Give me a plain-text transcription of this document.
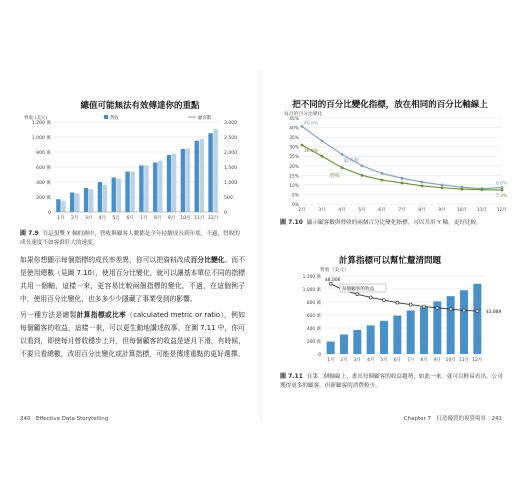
總值可能無法有效傳達你的重點
0
200 萬
400 萬
600 萬
800 萬
1,000 萬
1,200 萬
0
500
1,000
1,500
2,000
2,500
3,000
營收 (美元)	營收	顧客數
1月 2月 3月 4月 5月 6月 7月 8月 9月 10月 11月 12月
圖 7.9 在這張雙 Y 軸的圖中，營收與顧客人數都是全年持續成長到年底，不過，營收的成長速度不如客群壯大的速度。

如果你想顯示每個指標的成長率差異，你可以把資料改成百分比變化。而不是使用總數（見圖 7.10），使用百分比變化，就可以讓基本單位不同的指標共用一個軸，這樣一來，更容易比較兩個指標的變化。不過，在這個例子中，使用百分比變化，也多多少少隱藏了事業受到的影響。

另一種方法是繪製計算指標或比率（calculated metric or ratio），例如每個顧客的收益，這樣一來，可以更生動地講述故事。在圖 7.11 中，你可以看到，即使每月營收穩步上升，但每個顧客的收益是逐月下滑，有時候，不要只看總數，改用百分比變化或計算指標，可能是傳達重點的更好選擇。

240　Effective Data Storytelling
把不同的百分比變化指標，放在相同的百分比軸線上
每月的百分比變化
0%
5%
10%
15%
20%
25%
30%
35%
40%
45%
2月	3月	4月	5月	6月	7月	8月	9月	10月 11月 12月
40.6%
30.8%
8.6%
7.3%
顧客數
營收
圖 7.10 顯示顧客數與營收的兩個百分比變化指標，可以共用 Y 軸，更好比較。
計算指標可以幫忙釐清問題
營收（美元）
0
200 萬
400 萬
600 萬
800 萬
1,000 萬
1,200 萬
1月 2月 3月 4月 5月 6月 7月 8月 9月 10月 11月 12月
$8,006
$3,889
每個顧客的收益
圖 7.11 在第二個軸線上，畫出每個顧客的收益趨勢，如此一來，就可以輕易看出，公司獲得更多的顧客，但新顧客的消費較少。
Chapter 7　打造優質的視覺場景　241
